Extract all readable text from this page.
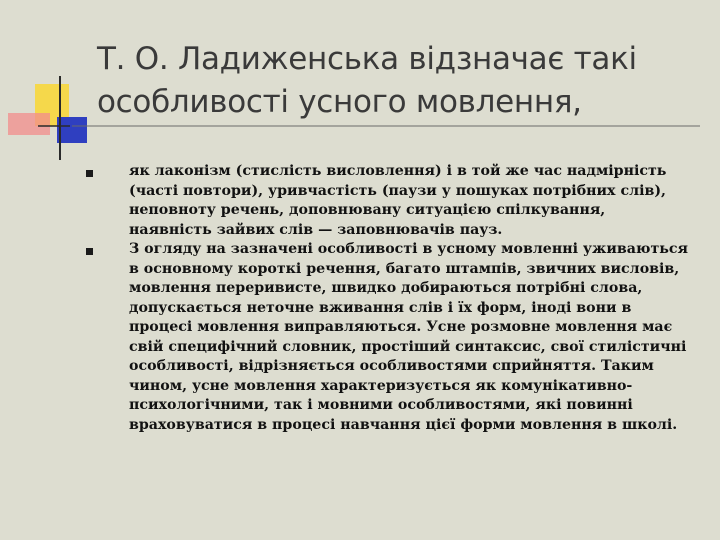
Т. О. Ладиженська відзначає такі
особливості усного мовлення,
як лаконізм (стислість висловлення) і в той же час надмірність (часті повтори), уривчастість (паузи у пошуках потрібних слів), неповноту речень, доповнювану ситуацією спілкування, наявність зайвих слів — заповнювачів пауз.
З огляду на зазначені особливості в усному мовленні уживаються в основному короткі речення, багато штампів, звичних висловів, мовлення переривисте, швидко добираються потрібні слова, допускається неточне вживання слів і їх форм, іноді вони в процесі мовлення виправляються. Усне розмовне мовлення має свій специфічний словник, простіший синтаксис, свої стилістичні особливості, відрізняється особливостями сприйняття. Таким чином, усне мовлення характеризується як комунікативно-психологічними, так і мовними особливостями, які повинні враховуватися в процесі навчання цієї форми мовлення в школі.
